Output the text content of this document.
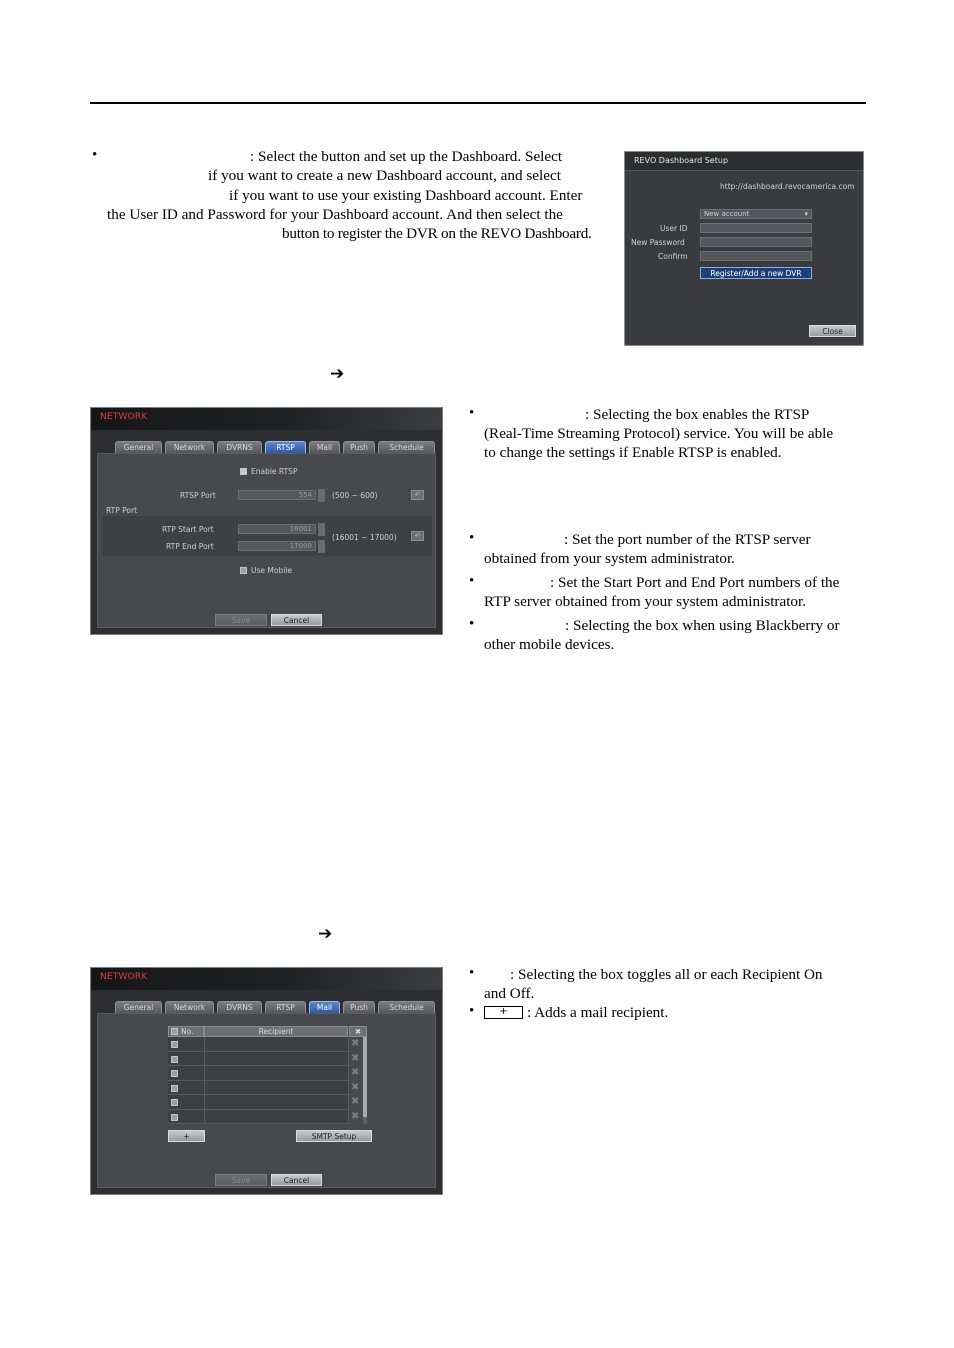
•	: Select the button and set up the Dashboard. Select
if you want to create a new Dashboard account, and select
if you want to use your existing Dashboard account. Enter
the User ID and Password for your Dashboard account. And then select the
button to register the DVR on the REVO Dashboard.
REVO Dashboard Setup
http://dashboard.revocamerica.com
New account	▾
User ID
New Password
Confirm
Register/Add a new DVR
Close
➔
NETWORK
General	Network	DVRNS	RTSP	Mail	Push	Schedule
Enable RTSP
RTSP Port	554	(500 ~ 600)	↶
RTP Port
RTP Start Port	16001
RTP End Port	17000
(16001 ~ 17000)	↶
Use Mobile
Save	Cancel
•	: Selecting the box enables the RTSP
(Real-Time Streaming Protocol) service. You will be able
to change the settings if Enable RTSP is enabled.
•	: Set the port number of the RTSP server
obtained from your system administrator.
•	: Set the Start Port and End Port numbers of the
RTP server obtained from your system administrator.
•	: Selecting the box when using Blackberry or
other mobile devices.
➔
NETWORK
General	Network	DVRNS	RTSP	Mail	Push	Schedule
No.	Recipient	✖
✖
✖
✖
✖
✖
✖
+	SMTP Setup
Save	Cancel
• : Selecting the box toggles all or each Recipient On
and Off.
•	+	: Adds a mail recipient.
